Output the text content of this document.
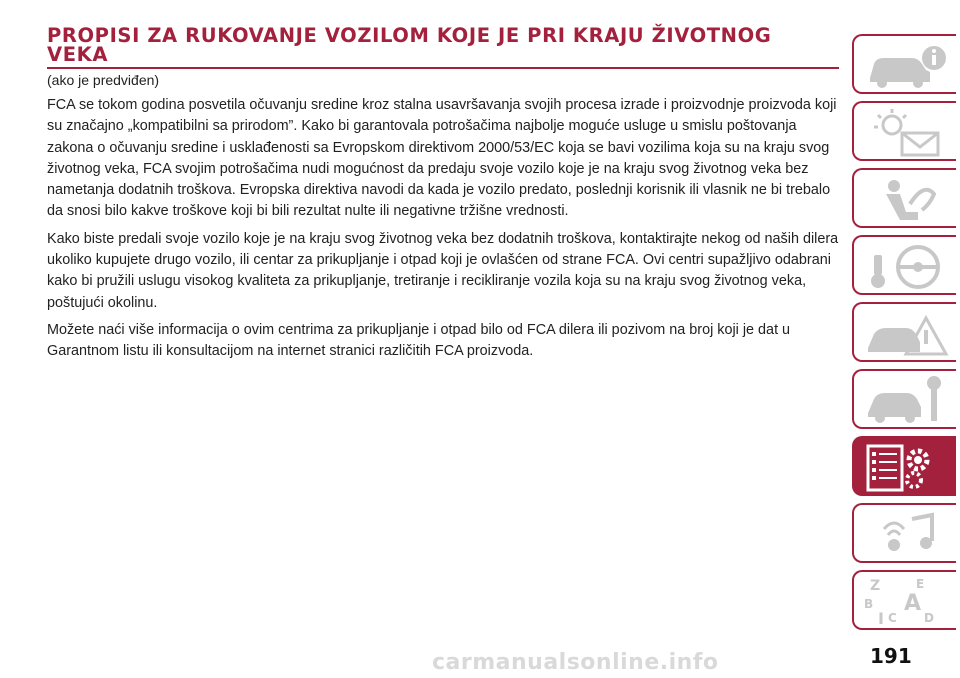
PROPISI ZA RUKOVANJE VOZILOM KOJE JE PRI KRAJU ŽIVOTNOG VEKA
(ako je predviđen)

FCA se tokom godina posvetila očuvanju sredine kroz stalna usavršavanja svojih procesa izrade i proizvodnje proizvoda koji su značajno „kompatibilni sa prirodom”. Kako bi garantovala potrošačima najbolje moguće usluge u smislu poštovanja zakona o očuvanju sredine i usklađenosti sa Evropskom direktivom 2000/53/EC koja se bavi vozilima koja su na kraju svog životnog veka, FCA svojim potrošačima nudi mogućnost da predaju svoje vozilo koje je na kraju svog životnog veka bez nametanja dodatnih troškova. Evropska direktiva navodi da kada je vozilo predato, poslednji korisnik ili vlasnik ne bi trebalo da snosi bilo kakve troškove koji bi bili rezultat nulte ili negativne tržišne vrednosti.

Kako biste predali svoje vozilo koje je na kraju svog životnog veka bez dodatnih troškova, kontaktirajte nekog od naših dilera ukoliko kupujete drugo vozilo, ili centar za prikupljanje i otpad koji je ovlašćen od strane FCA. Ovi centri supažljivo odabrani kako bi pružili uslugu visokog kvaliteta za prikupljanje, tretiranje i recikliranje vozila koja su na kraju svog životnog veka, poštujući okolinu.

Možete naći više informacija o ovim centrima za prikupljanje i otpad bilo od FCA dilera ili pozivom na broj koji je dat u Garantnom listu ili konsultacijom na internet stranici različitih FCA proizvoda.

Z	E
B A
I C D
191
carmanualsonline.info
